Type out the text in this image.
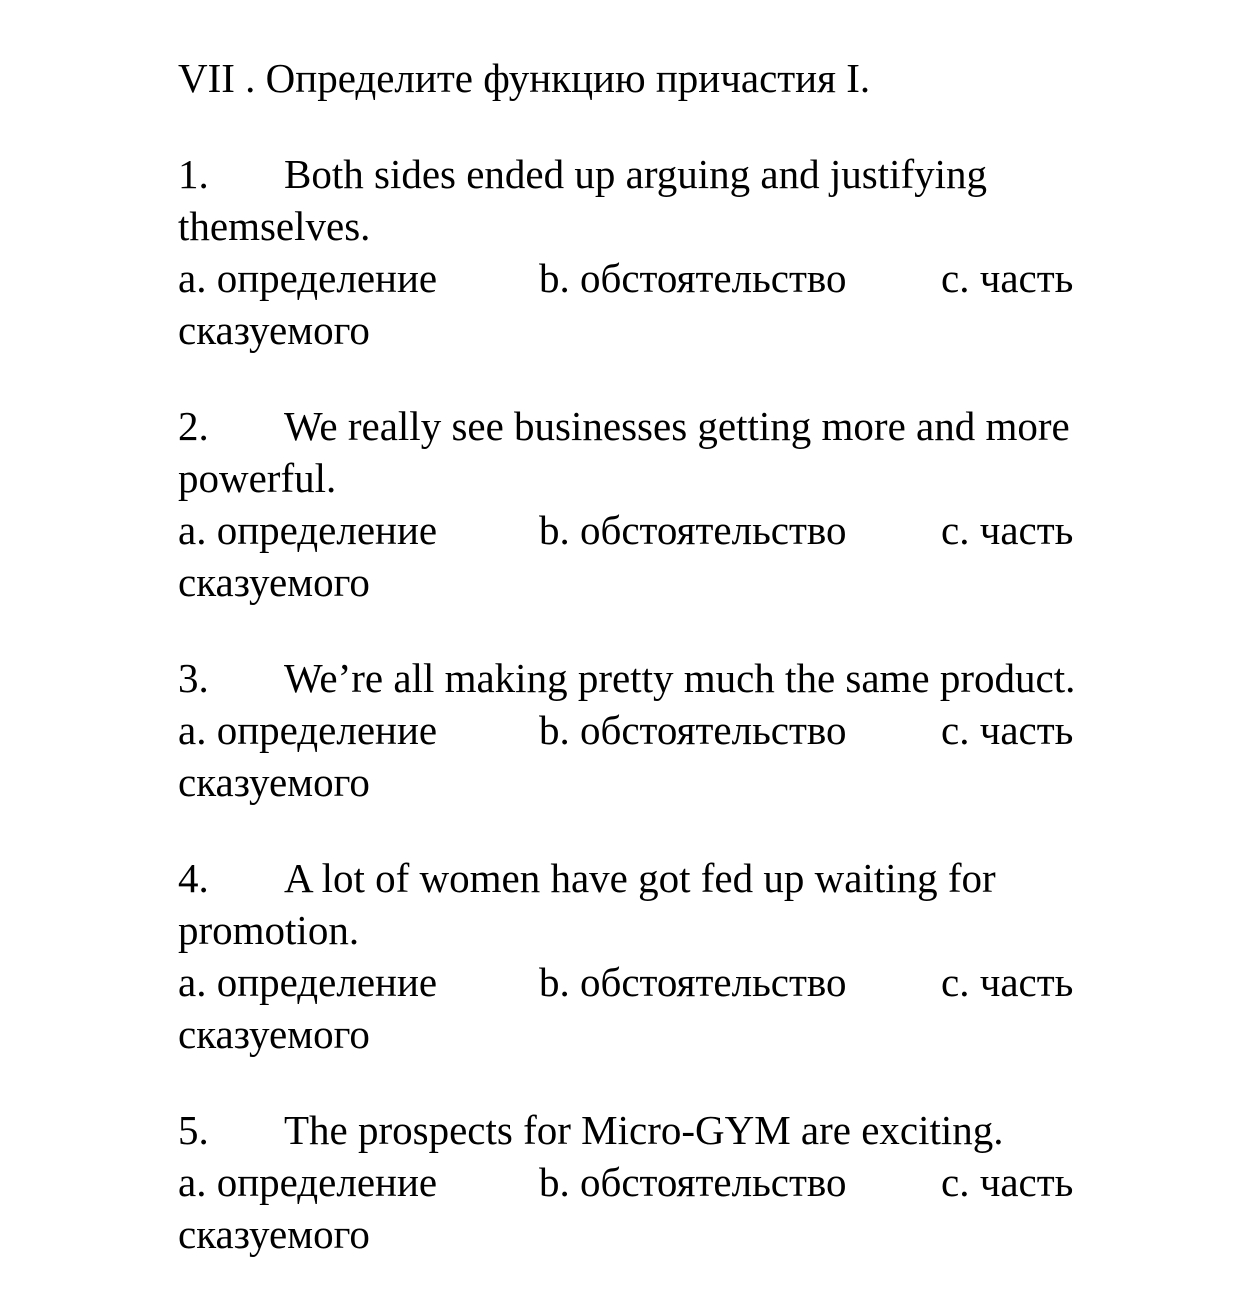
VII . Определите функцию причастия I.
1. Both sides ended up arguing and justifying themselves.
a. определение b. обстоятельство c. часть сказуемого
2. We really see businesses getting more and more powerful.
a. определение b. обстоятельство c. часть сказуемого
3. We’re all making pretty much the same product.
a. определение b. обстоятельство c. часть сказуемого
4. A lot of women have got fed up waiting for promotion.
a. определение b. обстоятельство c. часть сказуемого
5. The prospects for Micro-GYM are exciting.
a. определение b. обстоятельство c. часть сказуемого
